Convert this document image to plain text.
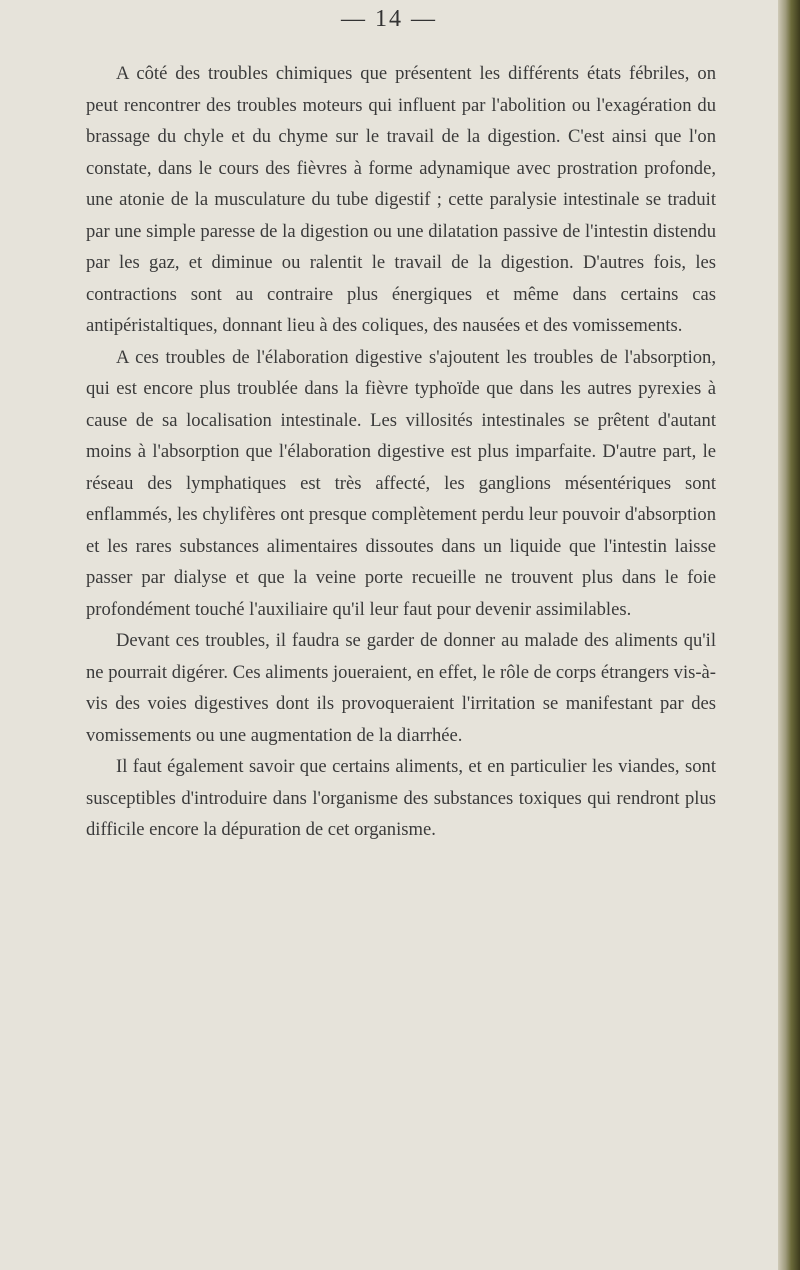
— 14 —

A côté des troubles chimiques que présentent les différents états fébriles, on peut rencontrer des troubles moteurs qui influent par l'abolition ou l'exagération du brassage du chyle et du chyme sur le travail de la digestion. C'est ainsi que l'on constate, dans le cours des fièvres à forme adynamique avec prostration profonde, une atonie de la musculature du tube digestif ; cette paralysie intestinale se traduit par une simple paresse de la digestion ou une dilatation passive de l'intestin distendu par les gaz, et diminue ou ralentit le travail de la digestion. D'autres fois, les contractions sont au contraire plus énergiques et même dans certains cas antipéristaltiques, donnant lieu à des coliques, des nausées et des vomissements.

A ces troubles de l'élaboration digestive s'ajoutent les troubles de l'absorption, qui est encore plus troublée dans la fièvre typhoïde que dans les autres pyrexies à cause de sa localisation intestinale. Les villosités intestinales se prêtent d'autant moins à l'absorption que l'élaboration digestive est plus imparfaite. D'autre part, le réseau des lymphatiques est très affecté, les ganglions mésentériques sont enflammés, les chylifères ont presque complètement perdu leur pouvoir d'absorption et les rares substances alimentaires dissoutes dans un liquide que l'intestin laisse passer par dialyse et que la veine porte recueille ne trouvent plus dans le foie profondément touché l'auxiliaire qu'il leur faut pour devenir assimilables.

Devant ces troubles, il faudra se garder de donner au malade des aliments qu'il ne pourrait digérer. Ces aliments joueraient, en effet, le rôle de corps étrangers vis-à-vis des voies digestives dont ils provoqueraient l'irritation se manifestant par des vomissements ou une augmentation de la diarrhée.

Il faut également savoir que certains aliments, et en particulier les viandes, sont susceptibles d'introduire dans l'organisme des substances toxiques qui rendront plus difficile encore la dépuration de cet organisme.
